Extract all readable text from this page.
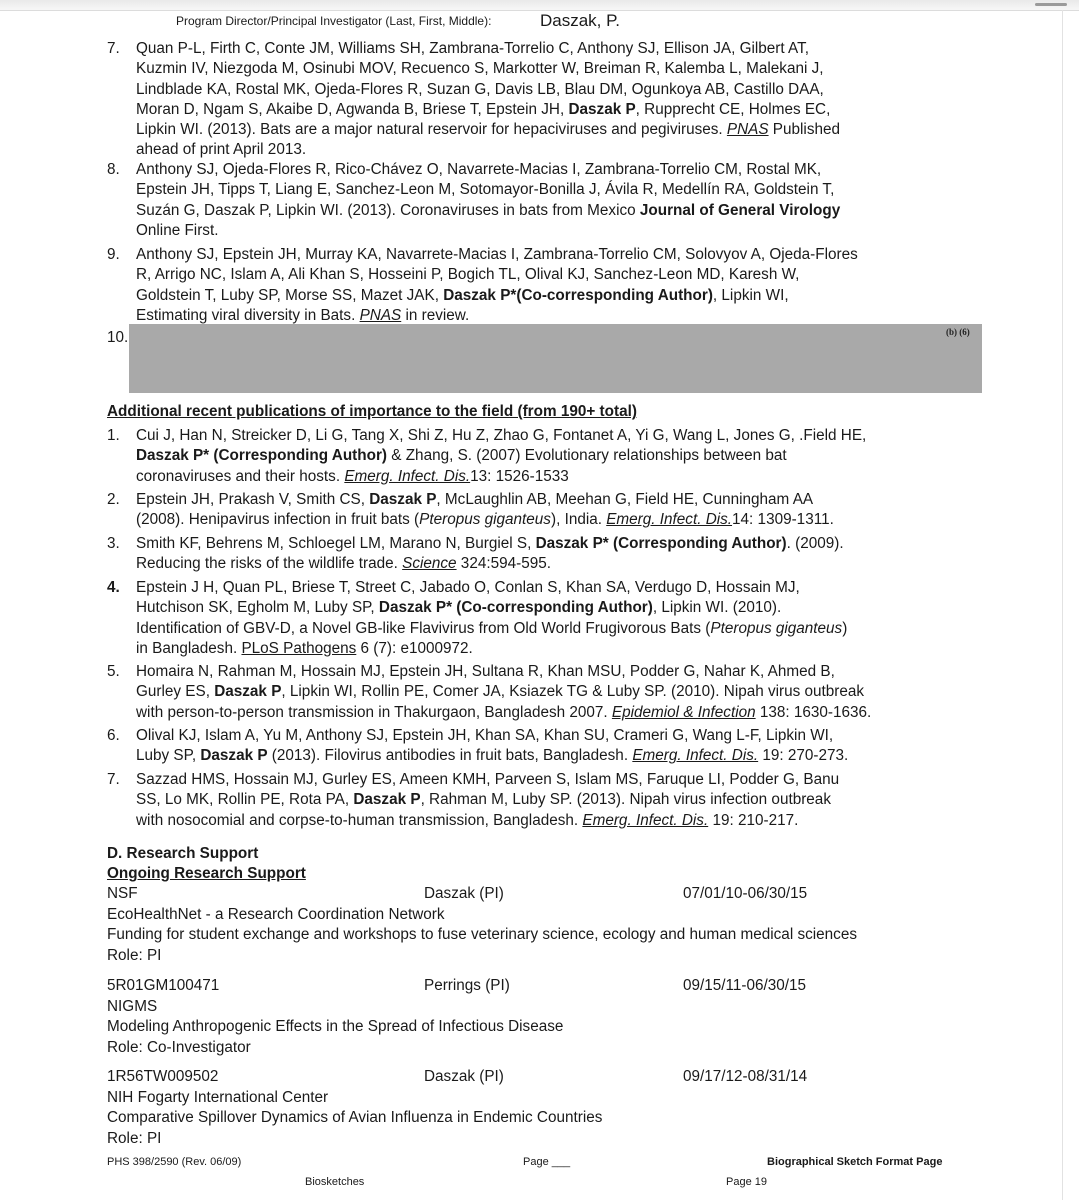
Program Director/Principal Investigator (Last, First, Middle):	Daszak, P.
7. Quan P-L, Firth C, Conte JM, Williams SH, Zambrana-Torrelio C, Anthony SJ, Ellison JA, Gilbert AT,
Kuzmin IV, Niezgoda M, Osinubi MOV, Recuenco S, Markotter W, Breiman R, Kalemba L, Malekani J,
Lindblade KA, Rostal MK, Ojeda-Flores R, Suzan G, Davis LB, Blau DM, Ogunkoya AB, Castillo DAA,
Moran D, Ngam S, Akaibe D, Agwanda B, Briese T, Epstein JH, Daszak P, Rupprecht CE, Holmes EC,
Lipkin WI. (2013). Bats are a major natural reservoir for hepaciviruses and pegiviruses. PNAS Published
ahead of print April 2013.
8. Anthony SJ, Ojeda-Flores R, Rico-Chávez O, Navarrete-Macias I, Zambrana-Torrelio CM, Rostal MK,
Epstein JH, Tipps T, Liang E, Sanchez-Leon M, Sotomayor-Bonilla J, Ávila R, Medellín RA, Goldstein T,
Suzán G, Daszak P, Lipkin WI. (2013). Coronaviruses in bats from Mexico Journal of General Virology
Online First.
9. Anthony SJ, Epstein JH, Murray KA, Navarrete-Macias I, Zambrana-Torrelio CM, Solovyov A, Ojeda-Flores
R, Arrigo NC, Islam A, Ali Khan S, Hosseini P, Bogich TL, Olival KJ, Sanchez-Leon MD, Karesh W,
Goldstein T, Luby SP, Morse SS, Mazet JAK, Daszak P*(Co-corresponding Author), Lipkin WI,
Estimating viral diversity in Bats. PNAS in review.
10.	(b) (6)
Additional recent publications of importance to the field (from 190+ total)
1. Cui J, Han N, Streicker D, Li G, Tang X, Shi Z, Hu Z, Zhao G, Fontanet A, Yi G, Wang L, Jones G, .Field HE,
Daszak P* (Corresponding Author) & Zhang, S. (2007) Evolutionary relationships between bat
coronaviruses and their hosts. Emerg. Infect. Dis.13: 1526-1533
2. Epstein JH, Prakash V, Smith CS, Daszak P, McLaughlin AB, Meehan G, Field HE, Cunningham AA
(2008). Henipavirus infection in fruit bats (Pteropus giganteus), India. Emerg. Infect. Dis.14: 1309-1311.
3. Smith KF, Behrens M, Schloegel LM, Marano N, Burgiel S, Daszak P* (Corresponding Author). (2009).
Reducing the risks of the wildlife trade. Science 324:594-595.
4. Epstein J H, Quan PL, Briese T, Street C, Jabado O, Conlan S, Khan SA, Verdugo D, Hossain MJ,
Hutchison SK, Egholm M, Luby SP, Daszak P* (Co-corresponding Author), Lipkin WI. (2010).
Identification of GBV-D, a Novel GB-like Flavivirus from Old World Frugivorous Bats (Pteropus giganteus)
in Bangladesh. PLoS Pathogens 6 (7): e1000972.
5. Homaira N, Rahman M, Hossain MJ, Epstein JH, Sultana R, Khan MSU, Podder G, Nahar K, Ahmed B,
Gurley ES, Daszak P, Lipkin WI, Rollin PE, Comer JA, Ksiazek TG & Luby SP. (2010). Nipah virus outbreak
with person-to-person transmission in Thakurgaon, Bangladesh 2007. Epidemiol & Infection 138: 1630-1636.
6. Olival KJ, Islam A, Yu M, Anthony SJ, Epstein JH, Khan SA, Khan SU, Crameri G, Wang L-F, Lipkin WI,
Luby SP, Daszak P (2013). Filovirus antibodies in fruit bats, Bangladesh. Emerg. Infect. Dis. 19: 270-273.
7. Sazzad HMS, Hossain MJ, Gurley ES, Ameen KMH, Parveen S, Islam MS, Faruque LI, Podder G, Banu
SS, Lo MK, Rollin PE, Rota PA, Daszak P, Rahman M, Luby SP. (2013). Nipah virus infection outbreak
with nosocomial and corpse-to-human transmission, Bangladesh. Emerg. Infect. Dis. 19: 210-217.
D. Research Support
Ongoing Research Support
NSF	Daszak (PI)	07/01/10-06/30/15
EcoHealthNet - a Research Coordination Network
Funding for student exchange and workshops to fuse veterinary science, ecology and human medical sciences
Role: PI
5R01GM100471	Perrings (PI)	09/15/11-06/30/15
NIGMS
Modeling Anthropogenic Effects in the Spread of Infectious Disease
Role: Co-Investigator
1R56TW009502	Daszak (PI)	09/17/12-08/31/14
NIH Fogarty International Center
Comparative Spillover Dynamics of Avian Influenza in Endemic Countries
Role: PI
PHS 398/2590 (Rev. 06/09)	Page ___	Biographical Sketch Format Page
Biosketches	Page 19
